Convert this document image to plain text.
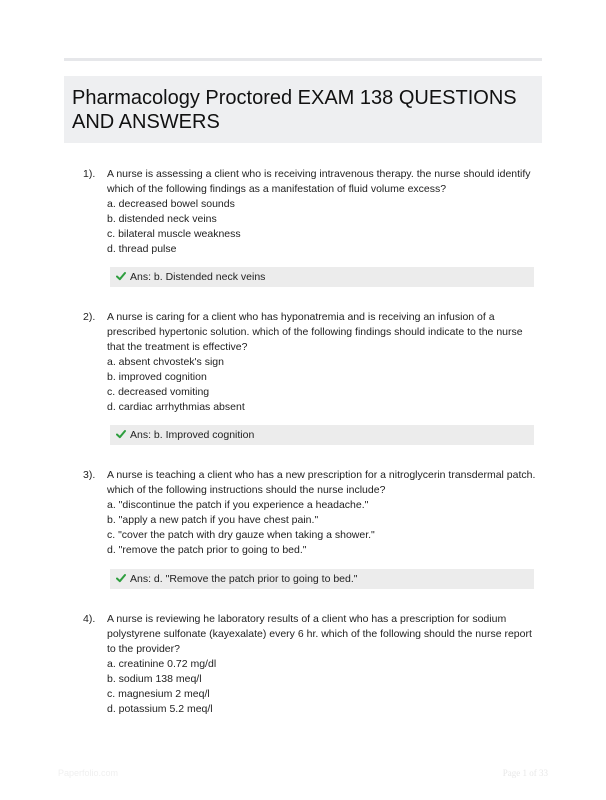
Pharmacology Proctored EXAM 138 QUESTIONS AND ANSWERS
1). A nurse is assessing a client who is receiving intravenous therapy. the nurse should identify which of the following findings as a manifestation of fluid volume excess?
a. decreased bowel sounds
b. distended neck veins
c. bilateral muscle weakness
d. thread pulse
Ans: b. Distended neck veins
2). A nurse is caring for a client who has hyponatremia and is receiving an infusion of a prescribed hypertonic solution. which of the following findings should indicate to the nurse that the treatment is effective?
a. absent chvostek's sign
b. improved cognition
c. decreased vomiting
d. cardiac arrhythmias absent
Ans: b. Improved cognition
3). A nurse is teaching a client who has a new prescription for a nitroglycerin transdermal patch. which of the following instructions should the nurse include?
a. "discontinue the patch if you experience a headache."
b. "apply a new patch if you have chest pain."
c. "cover the patch with dry gauze when taking a shower."
d. "remove the patch prior to going to bed."
Ans: d. "Remove the patch prior to going to bed."
4). A nurse is reviewing he laboratory results of a client who has a prescription for sodium polystyrene sulfonate (kayexalate) every 6 hr. which of the following should the nurse report to the provider?
a. creatinine 0.72 mg/dl
b. sodium 138 meq/l
c. magnesium 2 meq/l
d. potassium 5.2 meq/l
Paperfolio.com	Page 1 of 33
